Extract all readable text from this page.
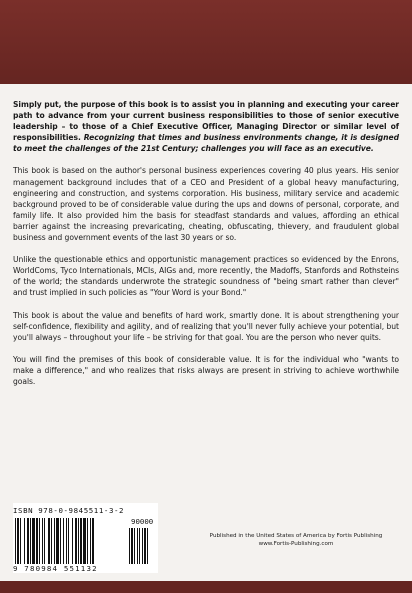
Simply put, the purpose of this book is to assist you in planning and executing your career path to advance from your current business responsibilities to those of senior executive leadership – to those of a Chief Executive Officer, Managing Director or similar level of responsibilities. Recognizing that times and business environments change, it is designed to meet the challenges of the 21st Century; challenges you will face as an executive.

This book is based on the author's personal business experiences covering 40 plus years. His senior management background includes that of a CEO and President of a global heavy manufacturing, engineering and construction, and systems corporation. His business, military service and academic background proved to be of considerable value during the ups and downs of personal, corporate, and family life. It also provided him the basis for steadfast standards and values, affording an ethical barrier against the increasing prevaricating, cheating, obfuscating, thievery, and fraudulent global business and government events of the last 30 years or so.

Unlike the questionable ethics and opportunistic management practices so evidenced by the Enrons, WorldComs, Tyco Internationals, MCIs, AIGs and, more recently, the Madoffs, Stanfords and Rothsteins of the world; the standards underwrote the strategic soundness of "being smart rather than clever" and trust implied in such policies as "Your Word is your Bond."

This book is about the value and benefits of hard work, smartly done. It is about strengthening your self-confidence, flexibility and agility, and of realizing that you'll never fully achieve your potential, but you'll always – throughout your life – be striving for that goal. You are the person who never quits.

You will find the premises of this book of considerable value. It is for the individual who "wants to make a difference," and who realizes that risks always are present in striving to achieve worthwhile goals.

ISBN 978-0-9845511-3-2
90000
9 780984 551132
Published in the United States of America by Fortis Publishing
www.Fortis-Publishing.com
